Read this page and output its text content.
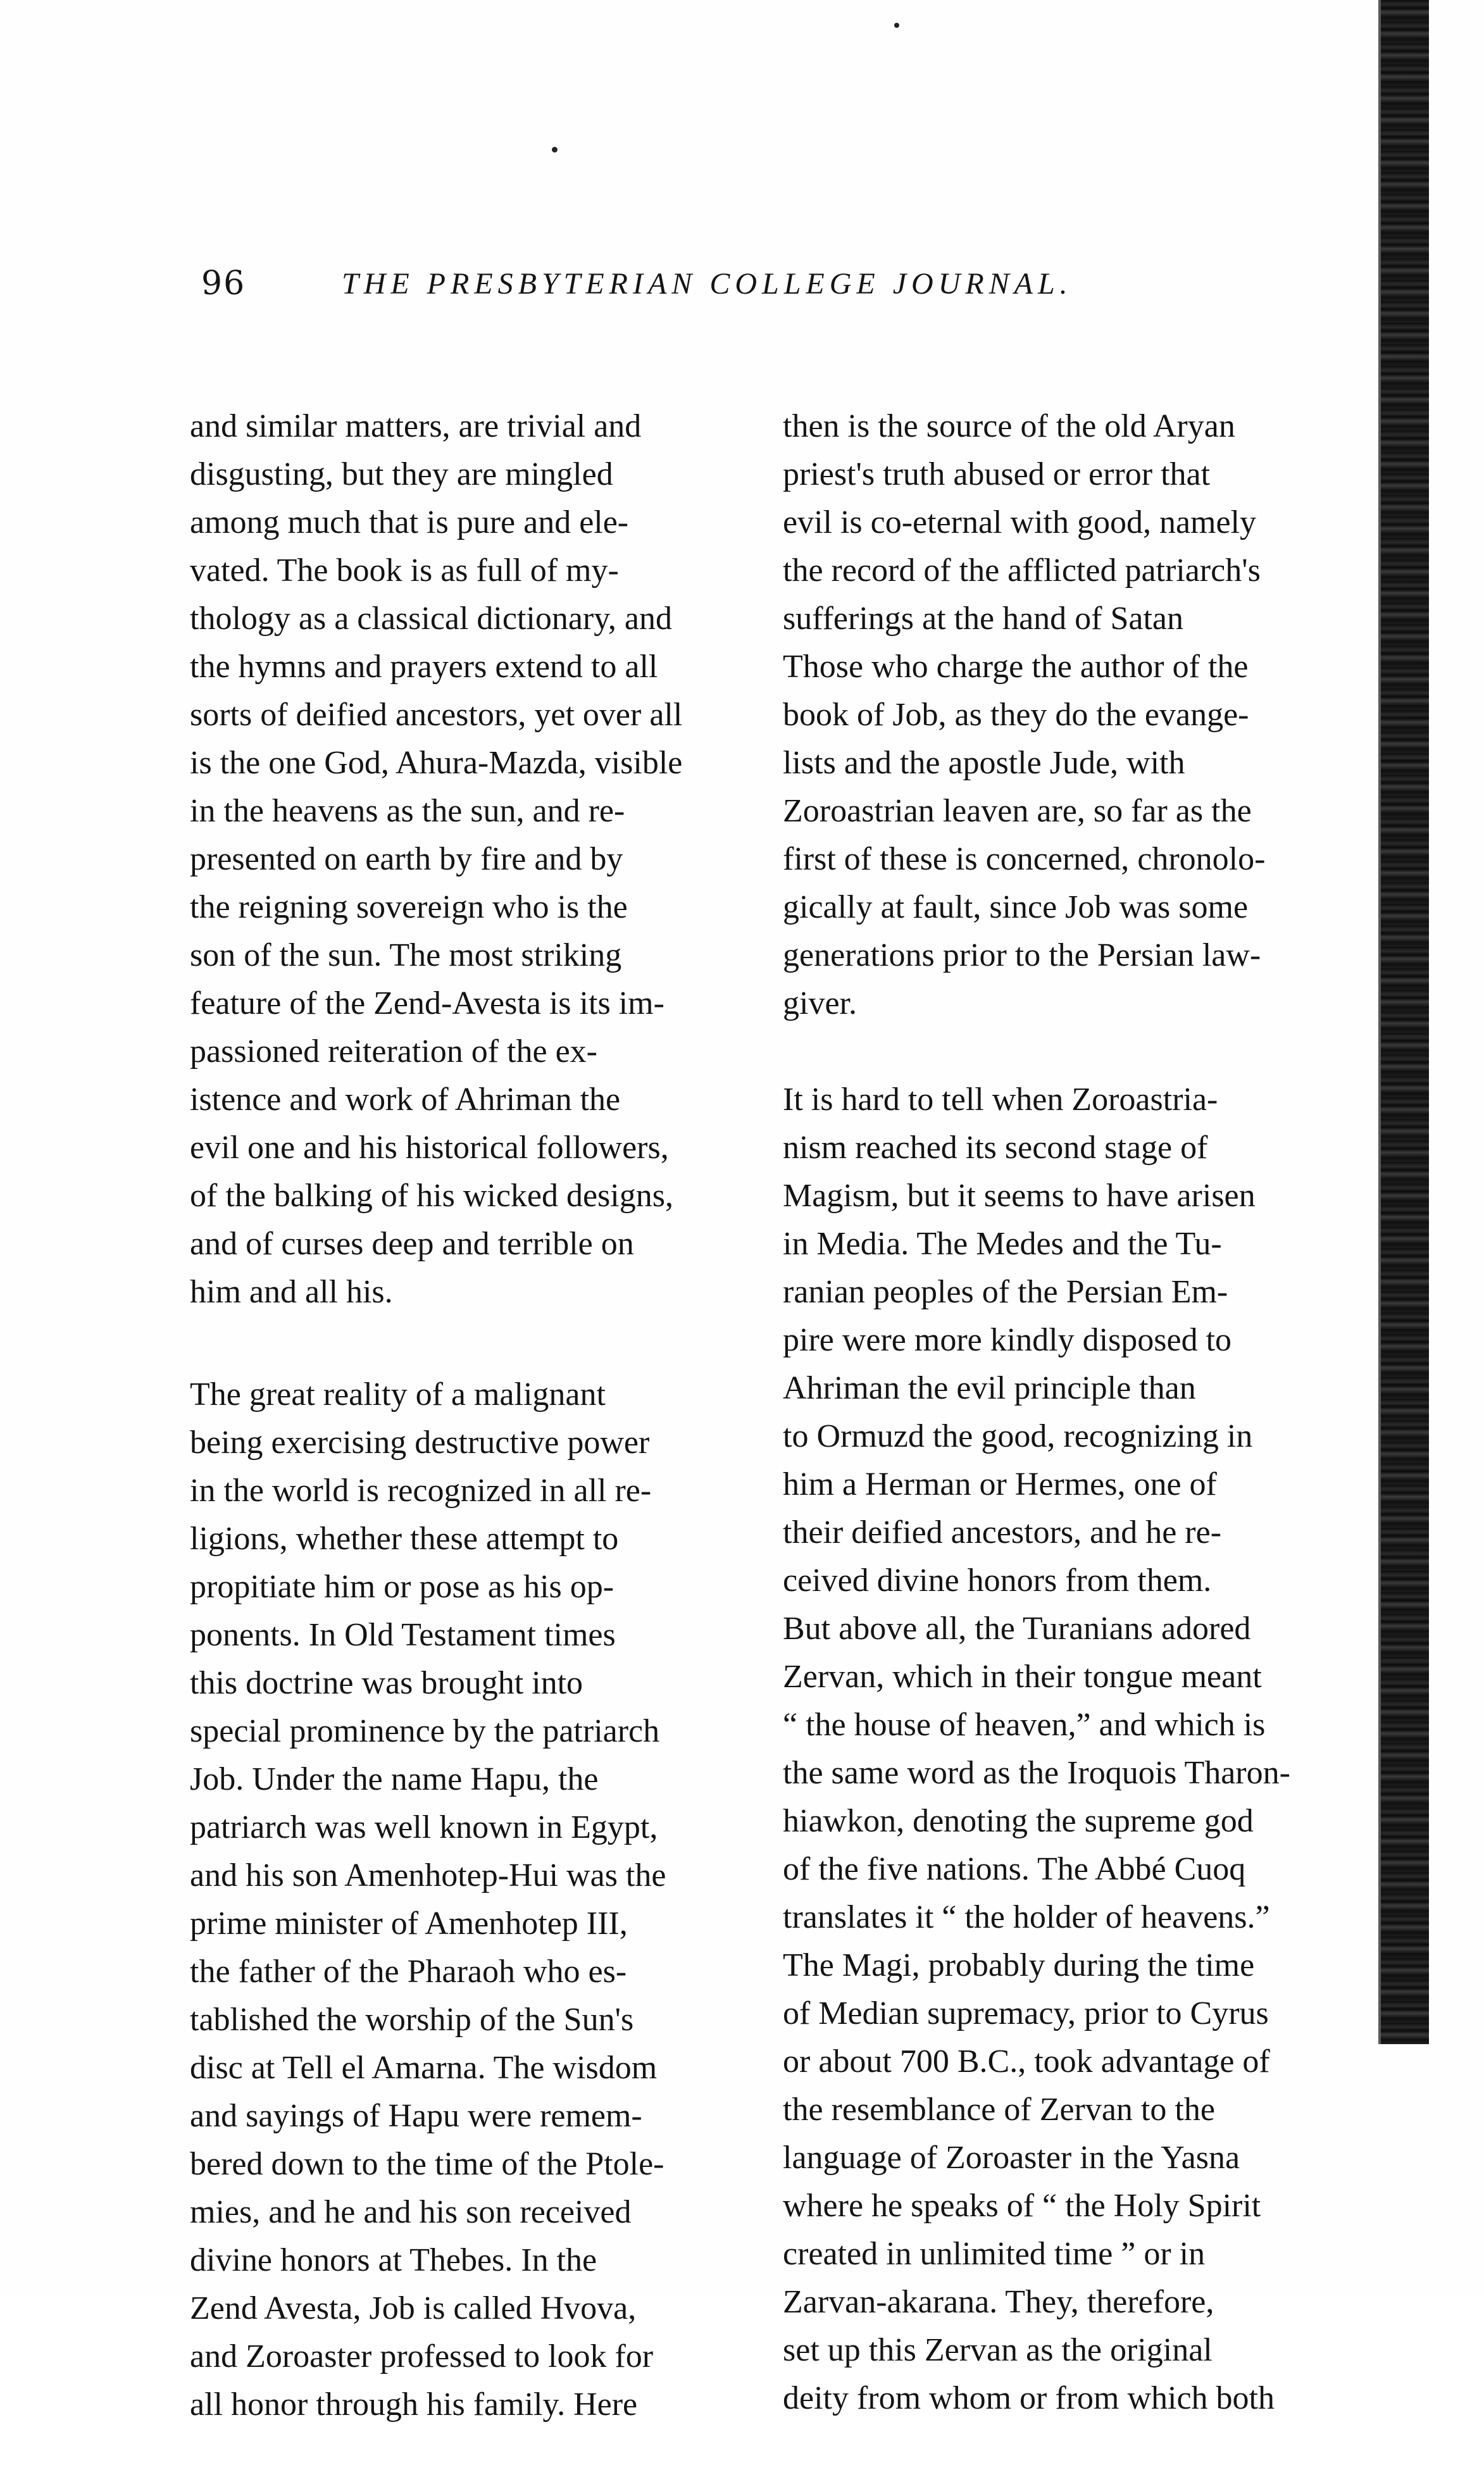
96	THE PRESBYTERIAN COLLEGE JOURNAL.

and similar matters, are trivial and
disgusting, but they are mingled
among much that is pure and ele-
vated. The book is as full of my-
thology as a classical dictionary, and
the hymns and prayers extend to all
sorts of deified ancestors, yet over all
is the one God, Ahura-Mazda, visible
in the heavens as the sun, and re-
presented on earth by fire and by
the reigning sovereign who is the
son of the sun. The most striking
feature of the Zend-Avesta is its im-
passioned reiteration of the ex-
istence and work of Ahriman the
evil one and his historical followers,
of the balking of his wicked designs,
and of curses deep and terrible on
him and all his.

The great reality of a malignant
being exercising destructive power
in the world is recognized in all re-
ligions, whether these attempt to
propitiate him or pose as his op-
ponents. In Old Testament times
this doctrine was brought into
special prominence by the patriarch
Job. Under the name Hapu, the
patriarch was well known in Egypt,
and his son Amenhotep-Hui was the
prime minister of Amenhotep III,
the father of the Pharaoh who es-
tablished the worship of the Sun's
disc at Tell el Amarna. The wisdom
and sayings of Hapu were remem-
bered down to the time of the Ptole-
mies, and he and his son received
divine honors at Thebes. In the
Zend Avesta, Job is called Hvova,
and Zoroaster professed to look for
all honor through his family. Here

then is the source of the old Aryan
priest's truth abused or error that
evil is co-eternal with good, namely
the record of the afflicted patriarch's
sufferings at the hand of Satan
Those who charge the author of the
book of Job, as they do the evange-
lists and the apostle Jude, with
Zoroastrian leaven are, so far as the
first of these is concerned, chronolo-
gically at fault, since Job was some
generations prior to the Persian law-
giver.

It is hard to tell when Zoroastria-
nism reached its second stage of
Magism, but it seems to have arisen
in Media. The Medes and the Tu-
ranian peoples of the Persian Em-
pire were more kindly disposed to
Ahriman the evil principle than
to Ormuzd the good, recognizing in
him a Herman or Hermes, one of
their deified ancestors, and he re-
ceived divine honors from them.
But above all, the Turanians adored
Zervan, which in their tongue meant
“ the house of heaven,” and which is
the same word as the Iroquois Tharon-
hiawkon, denoting the supreme god
of the five nations. The Abbé Cuoq
translates it “ the holder of heavens.”
The Magi, probably during the time
of Median supremacy, prior to Cyrus
or about 700 B.C., took advantage of
the resemblance of Zervan to the
language of Zoroaster in the Yasna
where he speaks of “ the Holy Spirit
created in unlimited time ” or in
Zarvan-akarana. They, therefore,
set up this Zervan as the original
deity from whom or from which both
